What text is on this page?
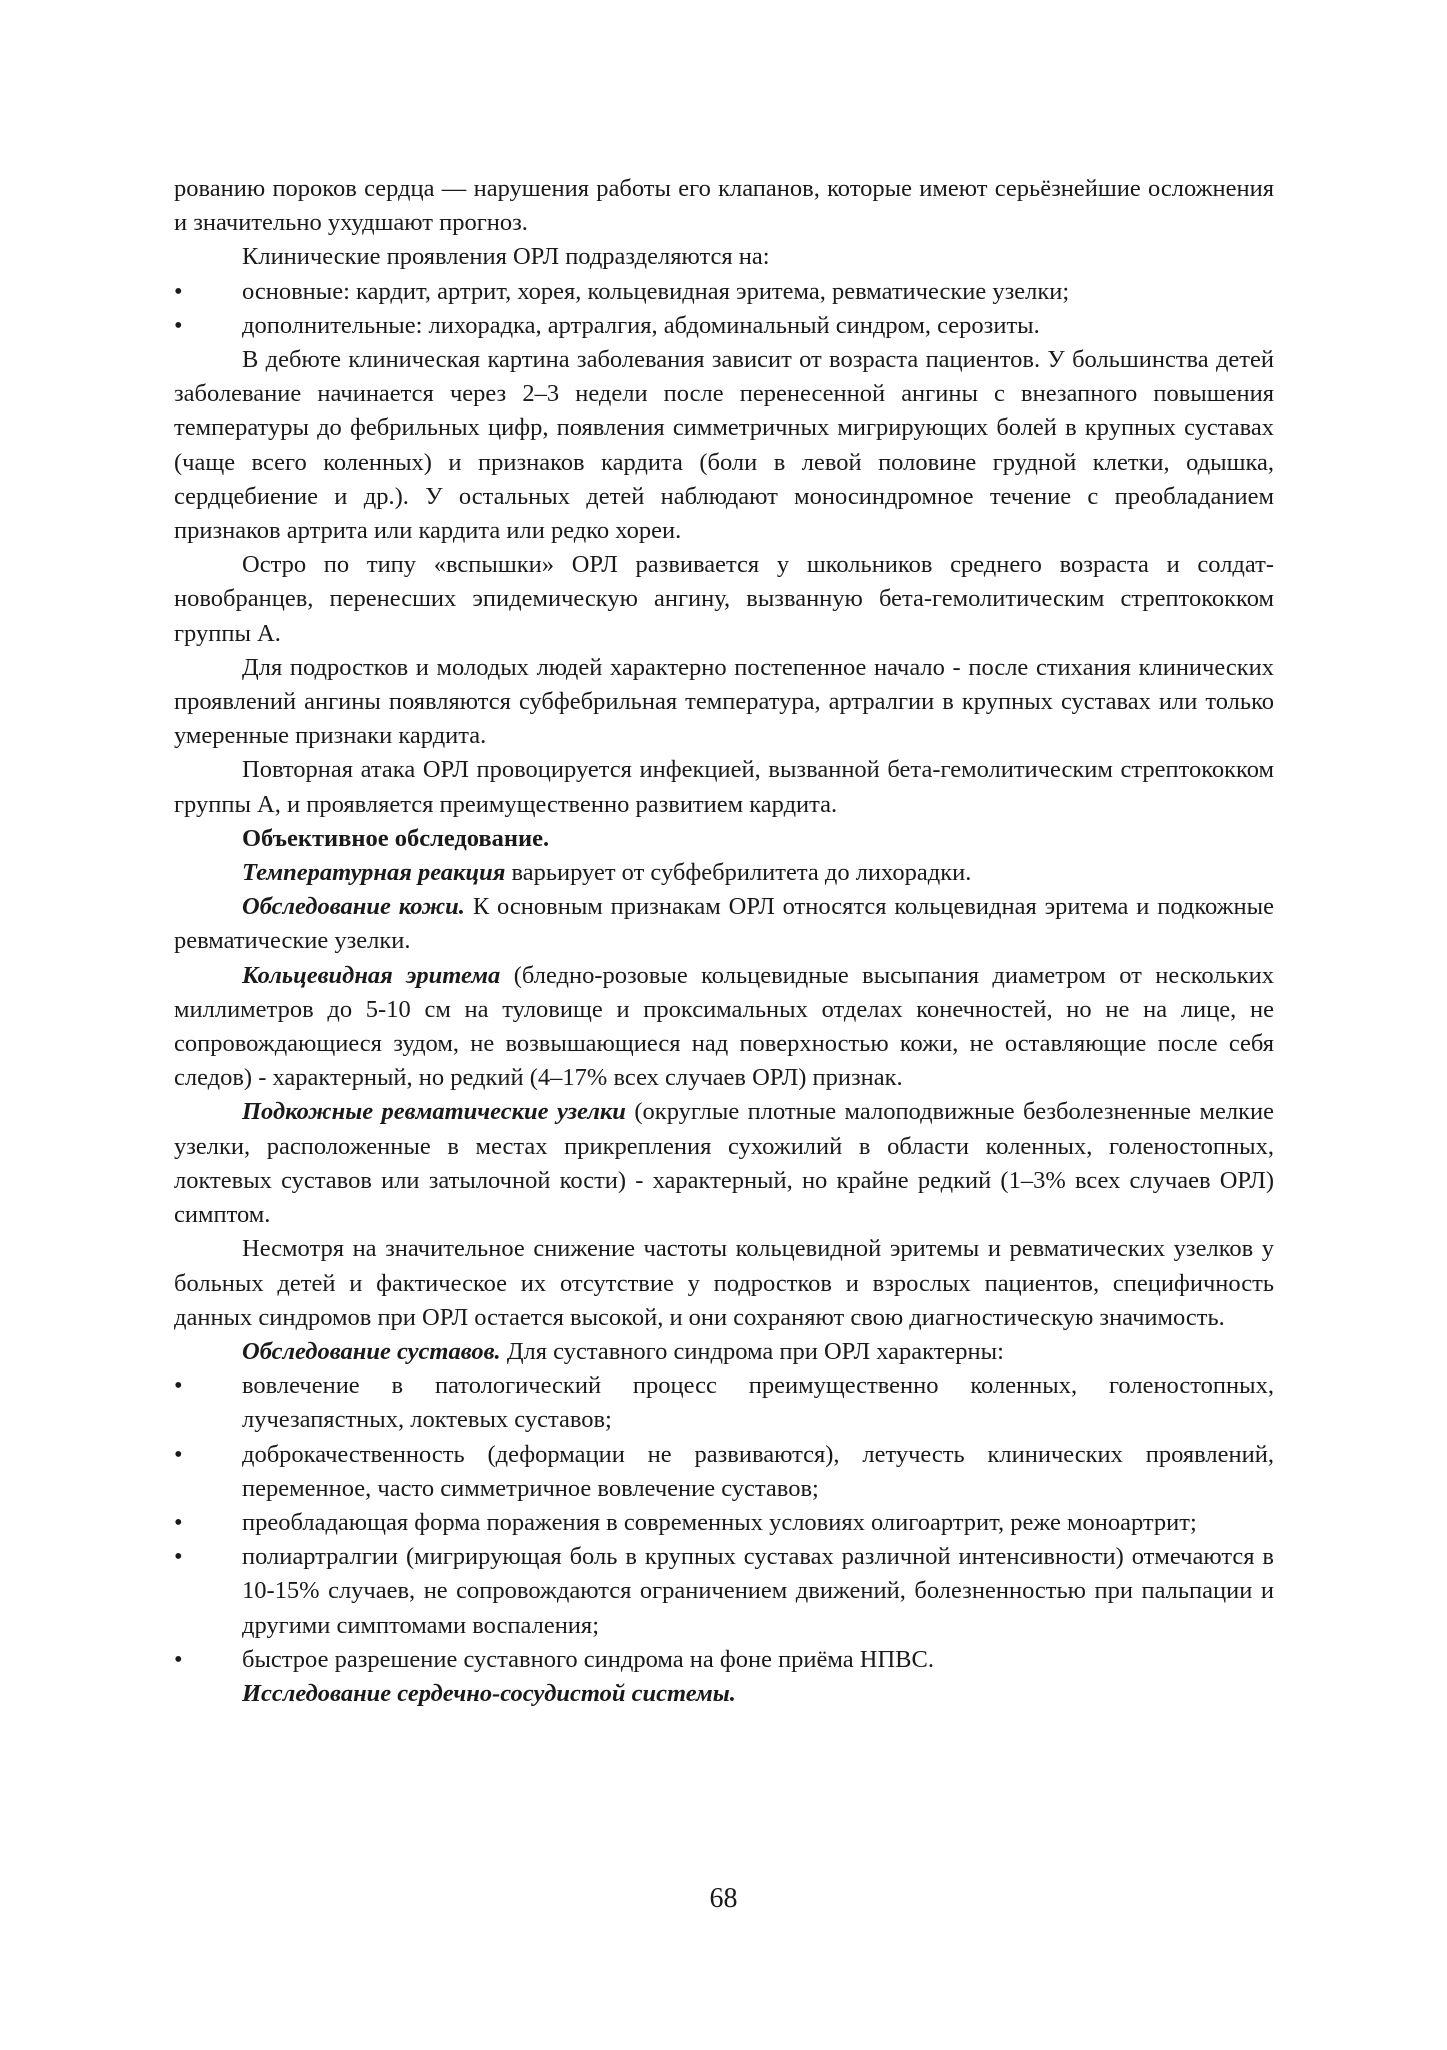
рованию пороков сердца — нарушения работы его клапанов, которые имеют серьёзнейшие осложнения и значительно ухудшают прогноз.

Клинические проявления ОРЛ подразделяются на:

•	основные: кардит, артрит, хорея, кольцевидная эритема, ревматические узелки;
•	дополнительные: лихорадка, артралгия, абдоминальный синдром, серозиты.

В дебюте клиническая картина заболевания зависит от возраста пациентов. У большинства детей заболевание начинается через 2–3 недели после перенесенной ангины с внезапного повышения температуры до фебрильных цифр, появления симметричных мигрирующих болей в крупных суставах (чаще всего коленных) и признаков кардита (боли в левой половине грудной клетки, одышка, сердцебиение и др.). У остальных детей наблюдают моносиндромное течение с преобладанием признаков артрита или кардита или редко хореи.

Остро по типу «вспышки» ОРЛ развивается у школьников среднего возраста и солдат-новобранцев, перенесших эпидемическую ангину, вызванную бета-гемолитическим стрептококком группы А.

Для подростков и молодых людей характерно постепенное начало - после стихания клинических проявлений ангины появляются субфебрильная температура, артралгии в крупных суставах или только умеренные признаки кардита.

Повторная атака ОРЛ провоцируется инфекцией, вызванной бета-гемолитическим стрептококком группы А, и проявляется преимущественно развитием кардита.

Объективное обследование.

Температурная реакция варьирует от субфебрилитета до лихорадки.

Обследование кожи. К основным признакам ОРЛ относятся кольцевидная эритема и подкожные ревматические узелки.

Кольцевидная эритема (бледно-розовые кольцевидные высыпания диаметром от нескольких миллиметров до 5-10 см на туловище и проксимальных отделах конечностей, но не на лице, не сопровождающиеся зудом, не возвышающиеся над поверхностью кожи, не оставляющие после себя следов) - характерный, но редкий (4–17% всех случаев ОРЛ) признак.

Подкожные ревматические узелки (округлые плотные малоподвижные безболезненные мелкие узелки, расположенные в местах прикрепления сухожилий в области коленных, голеностопных, локтевых суставов или затылочной кости) - характерный, но крайне редкий (1–3% всех случаев ОРЛ) симптом.

Несмотря на значительное снижение частоты кольцевидной эритемы и ревматических узелков у больных детей и фактическое их отсутствие у подростков и взрослых пациентов, специфичность данных синдромов при ОРЛ остается высокой, и они сохраняют свою диагностическую значимость.

Обследование суставов. Для суставного синдрома при ОРЛ характерны:

•	вовлечение в патологический процесс преимущественно коленных, голеностопных, лучезапястных, локтевых суставов;
•	доброкачественность (деформации не развиваются), летучесть клинических проявлений, переменное, часто симметричное вовлечение суставов;
•	преобладающая форма поражения в современных условиях олигоартрит, реже моноартрит;
•	полиартралгии (мигрирующая боль в крупных суставах различной интенсивности) отмечаются в 10-15% случаев, не сопровождаются ограничением движений, болезненностью при пальпации и другими симптомами воспаления;
•	быстрое разрешение суставного синдрома на фоне приёма НПВС.

Исследование сердечно-сосудистой системы.

68
